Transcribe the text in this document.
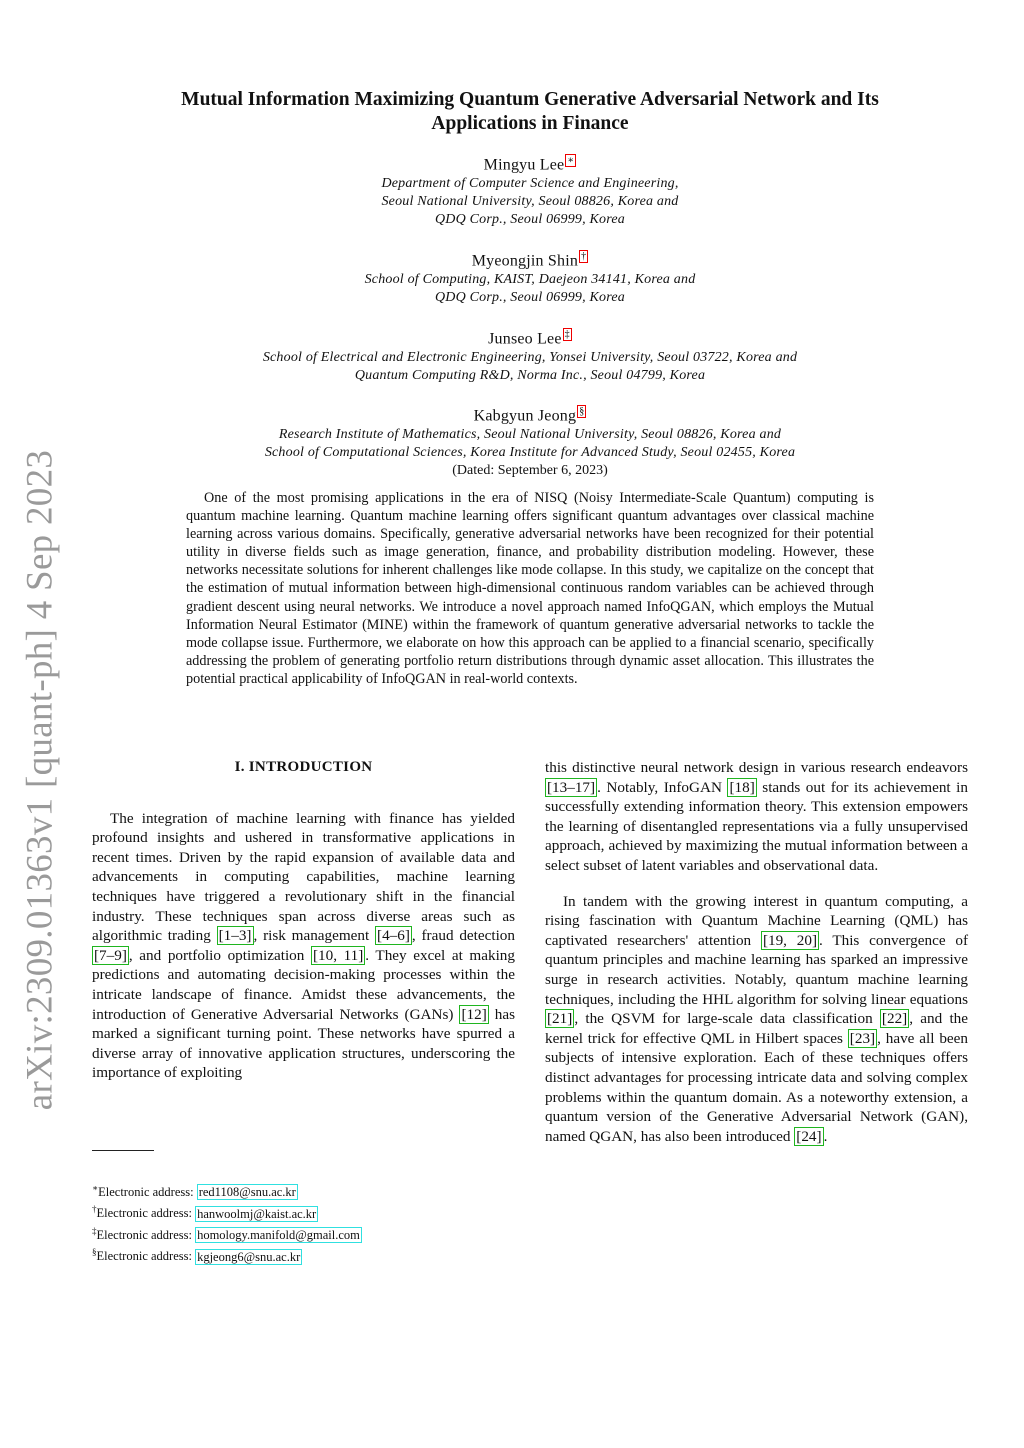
arXiv:2309.01363v1 [quant-ph] 4 Sep 2023
Mutual Information Maximizing Quantum Generative Adversarial Network and Its
Applications in Finance
Mingyu Lee ∗
Department of Computer Science and Engineering,
Seoul National University, Seoul 08826, Korea and
QDQ Corp., Seoul 06999, Korea
Myeongjin Shin †
School of Computing, KAIST, Daejeon 34141, Korea and
QDQ Corp., Seoul 06999, Korea
Junseo Lee ‡
School of Electrical and Electronic Engineering, Yonsei University, Seoul 03722, Korea and
Quantum Computing R&D, Norma Inc., Seoul 04799, Korea
Kabgyun Jeong §
Research Institute of Mathematics, Seoul National University, Seoul 08826, Korea and
School of Computational Sciences, Korea Institute for Advanced Study, Seoul 02455, Korea
(Dated: September 6, 2023)

One of the most promising applications in the era of NISQ (Noisy Intermediate-Scale Quantum) computing is quantum machine learning. Quantum machine learning offers significant quantum advantages over classical machine learning across various domains. Specifically, generative adversarial networks have been recognized for their potential utility in diverse fields such as image generation, finance, and probability distribution modeling. However, these networks necessitate solutions for inherent challenges like mode collapse. In this study, we capitalize on the concept that the estimation of mutual information between high-dimensional continuous random variables can be achieved through gradient descent using neural networks. We introduce a novel approach named InfoQGAN, which employs the Mutual Information Neural Estimator (MINE) within the framework of quantum generative adversarial networks to tackle the mode collapse issue. Furthermore, we elaborate on how this approach can be applied to a financial scenario, specifically addressing the problem of generating portfolio return distributions through dynamic asset allocation. This illustrates the potential practical applicability of InfoQGAN in real-world contexts.

I. INTRODUCTION

The integration of machine learning with finance has yielded profound insights and ushered in transformative applications in recent times. Driven by the rapid expansion of available data and advancements in computing capabilities, machine learning techniques have triggered a revolutionary shift in the financial industry. These techniques span across diverse areas such as algorithmic trading [1–3] , risk management [4–6] , fraud detection [7–9] , and portfolio optimization [10, 11] . They excel at making predictions and automating decision-making processes within the intricate landscape of finance. Amidst these advancements, the introduction of Generative Adversarial Networks (GANs) [12] has marked a significant turning point. These networks have spurred a diverse array of innovative application structures, underscoring the importance of exploiting

this distinctive neural network design in various research endeavors [13–17] . Notably, InfoGAN [18] stands out for its achievement in successfully extending information theory. This extension empowers the learning of disentangled representations via a fully unsupervised approach, achieved by maximizing the mutual information between a select subset of latent variables and observational data.

In tandem with the growing interest in quantum computing, a rising fascination with Quantum Machine Learning (QML) has captivated researchers' attention [19, 20] . This convergence of quantum principles and machine learning has sparked an impressive surge in research activities. Notably, quantum machine learning techniques, including the HHL algorithm for solving linear equations [21] , the QSVM for large-scale data classification [22] , and the kernel trick for effective QML in Hilbert spaces [23] , have all been subjects of intensive exploration. Each of these techniques offers distinct advantages for processing intricate data and solving complex problems within the quantum domain. As a noteworthy extension, a quantum version of the Generative Adversarial Network (GAN), named QGAN, has also been introduced [24] .

∗Electronic address: red1108@snu.ac.kr
†Electronic address: hanwoolmj@kaist.ac.kr
‡Electronic address: homology.manifold@gmail.com
§Electronic address: kgjeong6@snu.ac.kr
